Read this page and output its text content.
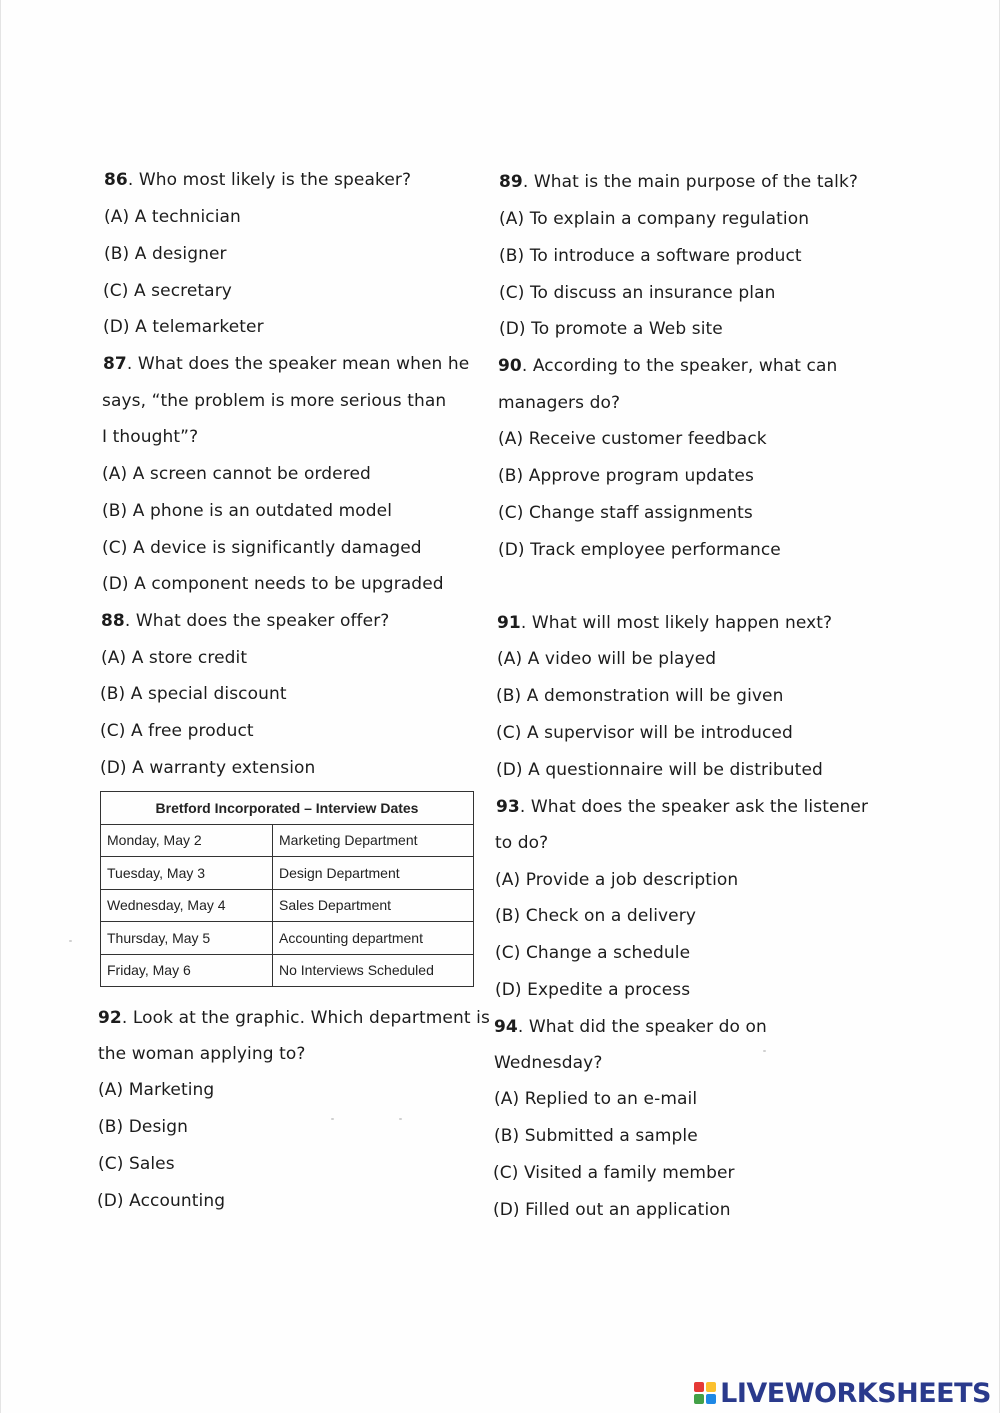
86. Who most likely is the speaker?
(A) A technician
(B) A designer
(C) A secretary
(D) A telemarketer
87. What does the speaker mean when he
says, “the problem is more serious than
I thought”?
(A) A screen cannot be ordered
(B) A phone is an outdated model
(C) A device is significantly damaged
(D) A component needs to be upgraded
88. What does the speaker offer?
(A) A store credit
(B) A special discount
(C) A free product
(D) A warranty extension
Bretford Incorporated – Interview Dates	
Monday, May 2	Marketing Department
Tuesday, May 3	Design Department
Wednesday, May 4	Sales Department
Thursday, May 5	Accounting department
Friday, May 6	No Interviews Scheduled
92. Look at the graphic. Which department is
the woman applying to?
(A) Marketing
(B) Design
(C) Sales
(D) Accounting
89. What is the main purpose of the talk?
(A) To explain a company regulation
(B) To introduce a software product
(C) To discuss an insurance plan
(D) To promote a Web site
90. According to the speaker, what can
managers do?
(A) Receive customer feedback
(B) Approve program updates
(C) Change staff assignments
(D) Track employee performance
91. What will most likely happen next?
(A) A video will be played
(B) A demonstration will be given
(C) A supervisor will be introduced
(D) A questionnaire will be distributed
93. What does the speaker ask the listener
to do?
(A) Provide a job description
(B) Check on a delivery
(C) Change a schedule
(D) Expedite a process
94. What did the speaker do on
Wednesday?
(A) Replied to an e-mail
(B) Submitted a sample
(C) Visited a family member
(D) Filled out an application
LIVEWORKSHEETS
